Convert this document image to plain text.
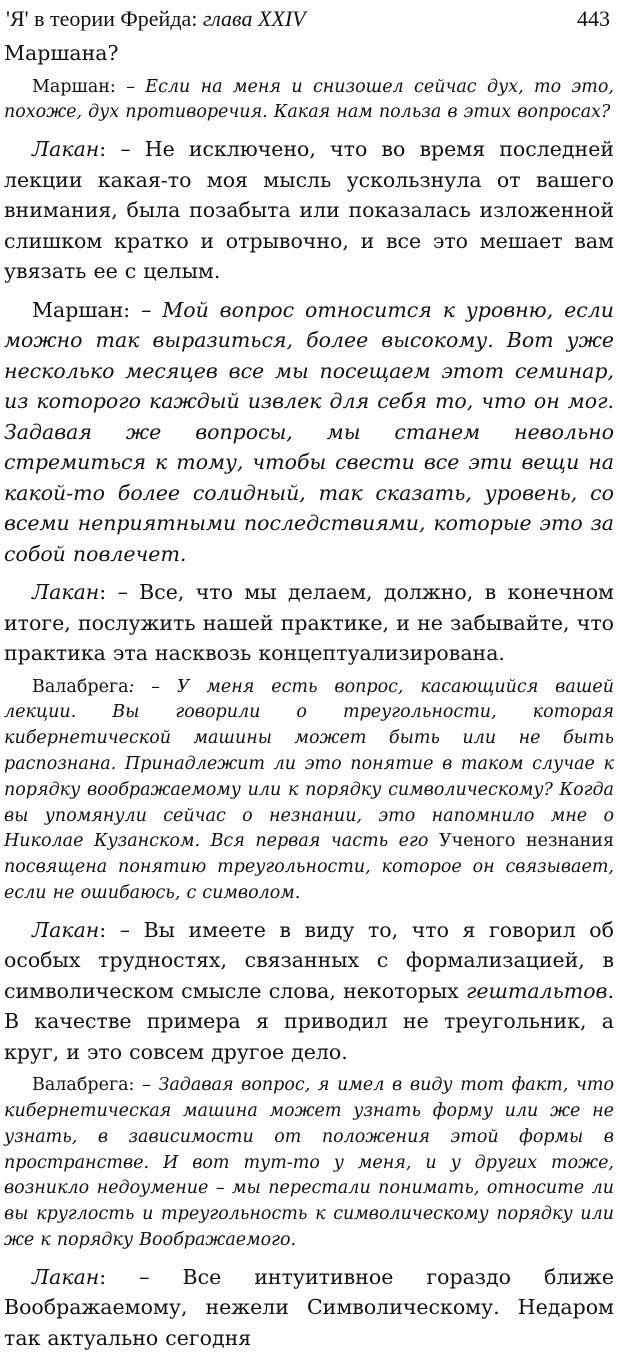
'Я' в теории Фрейда: глава XXIV	443

Маршана?

Маршан: – Если на меня и снизошел сейчас дух, то это, похоже, дух противоречия. Какая нам польза в этих вопросах?

Лакан: – Не исключено, что во время последней лекции какая-то моя мысль ускользнула от вашего внимания, была позабыта или показалась изложенной слишком кратко и отрывочно, и все это мешает вам увязать ее с целым.

Маршан: – Мой вопрос относится к уровню, если можно так выразиться, более высокому. Вот уже несколько месяцев все мы посещаем этот семинар, из которого каждый извлек для себя то, что он мог. Задавая же вопросы, мы станем невольно стремиться к тому, чтобы свести все эти вещи на какой-то более солидный, так сказать, уровень, со всеми неприятными последствиями, которые это за собой повлечет.

Лакан: – Все, что мы делаем, должно, в конечном итоге, послужить нашей практике, и не забывайте, что практика эта насквозь концептуализирована.

Валабрега: – У меня есть вопрос, касающийся вашей лекции. Вы говорили о треугольности, которая кибернетической машины может быть или не быть распознана. Принадлежит ли это понятие в таком случае к порядку воображаемому или к порядку символическому? Когда вы упомянули сейчас о незнании, это напомнило мне о Николае Кузанском. Вся первая часть его Ученого незнания посвящена понятию треугольности, которое он связывает, если не ошибаюсь, с символом.

Лакан: – Вы имеете в виду то, что я говорил об особых трудностях, связанных с формализацией, в символическом смысле слова, некоторых гештальтов. В качестве примера я приводил не треугольник, а круг, и это совсем другое дело.

Валабрега: – Задавая вопрос, я имел в виду тот факт, что кибернетическая машина может узнать форму или же не узнать, в зависимости от положения этой формы в пространстве. И вот тут-то у меня, и у других тоже, возникло недоумение – мы перестали понимать, относите ли вы круглость и треугольность к символическому порядку или же к порядку Воображаемого.

Лакан: – Все интуитивное гораздо ближе Воображаемому, нежели Символическому. Недаром так актуально сегодня
